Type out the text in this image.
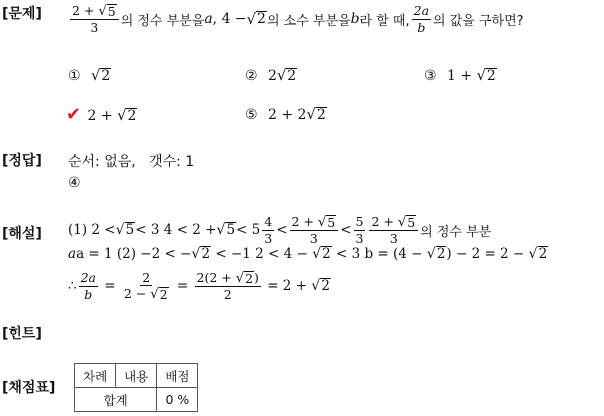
[문제] $\frac{2 + √ 5}{3}$ 의 정수 부분을 a , 4 − √ 2 의 소수 부분을 b 라 할 때, $\frac{2a}{b}$ 의 값을 구하면?
① √ 2	② 2 √ 2	③ 1 + √ 2
✔ 2 + √ 2	⑤ 2 + 2 √ 2
[정답] 순서: 없음,   갯수: 1
④
[해설] (1) 2 < √ 5 < 3 4 < 2 + √ $5 < 5 \frac{4}{3} < \frac{2 + √ 5}{3} < \frac{5}{3} \frac{2 + √ 5}{3}$ 의 정수 부분
aa = 1 (2) −2 < − √ 2 < −1 2 < 4 − √ 2 < 3 b = (4 − √ 2 ) − 2 = 2 − √ 2
∴ $\frac{2a}{b} = \frac{2}{2 - √ 2} = \frac{2(2 + √ 2 )}{2} = 2$ + √ 2
[힌트]
[채점표]
차례	내용	배점
합계		0 %
